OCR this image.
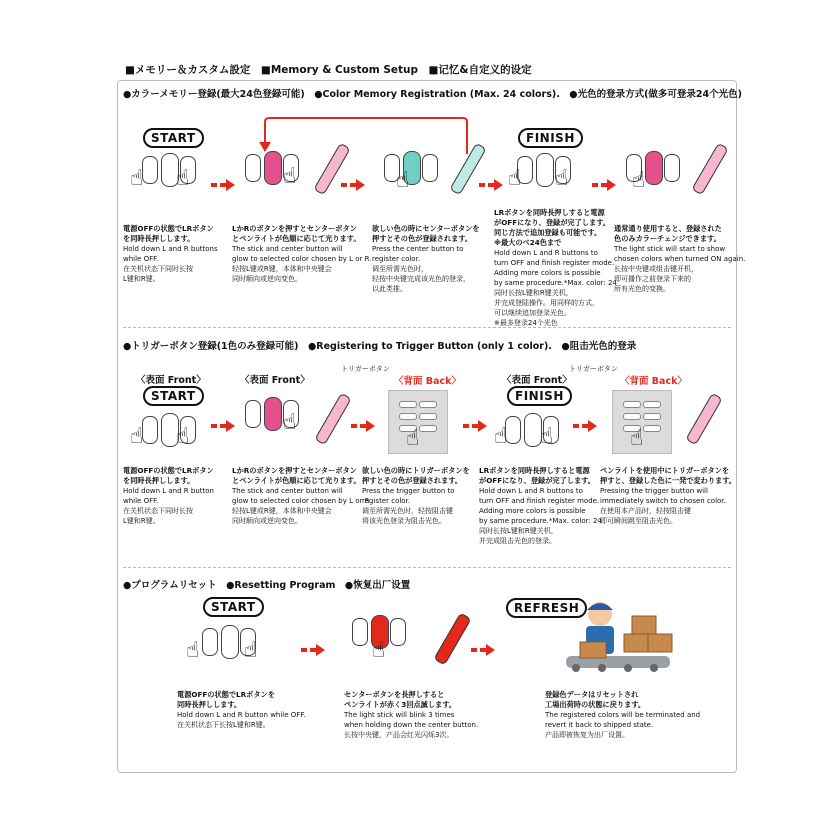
■メモリー＆カスタム設定　■Memory & Custom Setup　■记忆&自定义的设定
●カラーメモリー登録(最大24色登録可能)　●Color Memory Registration (Max. 24 colors).　●光色的登录方式(做多可登录24个光色)
START	FINISH
☝ ☝	☝	☝	☝ ☝	☝
電源OFFの状態でLRボタン
を同時長押しします。
Hold down L and R buttons
while OFF.
在关机状态下同时长按
L键和R键。
LかRのボタンを押すとセンターボタン
とペンライトが色順に応じて光ります。
The stick and center button will
glow to selected color chosen by L or R.
轻按L键或R键，本体和中央键会
同时顺向或逆向变色。
欲しい色の時にセンターボタンを
押すとその色が登録されます。
Press the center button to
register color.
调至所需光色时，
轻按中央键完成该光色的登录，
以此类推。
LRボタンを同時長押しすると電源
がOFFになり、登録が完了します。
同じ方法で追加登録も可能です。
※最大のべ24色まで
Hold down L and R buttons to
turn OFF and finish register mode.
Adding more colors is possible
by same procedure.*Max. color: 24
同时长按L键和R键关机，
并完成登陆操作。用同样的方式，
可以继续追加登录光色。
※最多登录24个光色
通常通り使用すると、登録された
色のみカラーチェンジできます。
The light stick will start to show
chosen colors when turned ON again.
长按中央键或组击键开机，
即可播作之前登录下来的
所有光色的变换。
●トリガーボタン登録(1色のみ登録可能)　●Registering to Trigger Button (only 1 color).　●阻击光色的登录
〈表面 Front〉
START
〈表面 Front〉
トリガーボタン
〈背面 Back〉	〈表面 Front〉
FINISH
トリガーボタン
〈背面 Back〉
☝ ☝
☝
☝	☝ ☝	☝
電源OFFの状態でLRボタン
を同時長押しします。
Hold down L and R button
while OFF.
在关机状态下同时长按
L键和R键。
LかRのボタンを押すとセンターボタン
とペンライトが色順に応じて光ります。
The stick and center button will
glow to selected color chosen by L or R.
轻按L键或R键，本体和中央键会
同时顺向或逆向变色。
欲しい色の時にトリガーボタンを
押すとその色が登録されます。
Press the trigger button to
register color.
调至所需光色时，轻按阻击键
将该光色登录为阻击光色。
LRボタンを同時長押しすると電源
がOFFになり、登録が完了します。
Hold down L and R buttons to
turn OFF and finish register mode.
Adding more colors is possible
by same procedure.*Max. color: 24
同时长按L键和R键关机，
并完成阻击光色的登录。
ペンライトを使用中にトリガーボタンを
押すと、登録した色に一発で変わります。
Pressing the trigger button will
immediately switch to chosen color.
在使用本产品时，轻按阻击键
即可瞬间跳至阻击光色。
●プログラムリセット　●Resetting Program　●恢复出厂设置
START	REFRESH
☝ ☝	☝
電源OFFの状態でLRボタンを
同時長押しします。
Hold down L and R button while OFF.
在关机状态下长按L键和R键。
センターボタンを長押しすると
ペンライトが赤く3回点滅します。
The light stick will blink 3 times
when holding down the center button.
长按中央键，产品会红光闪烁3次。
登録色データはリセットされ
工場出荷時の状態に戻ります。
The registered colors will be terminated and
revert it back to shipped state.
产品即被恢复为出厂设置。
